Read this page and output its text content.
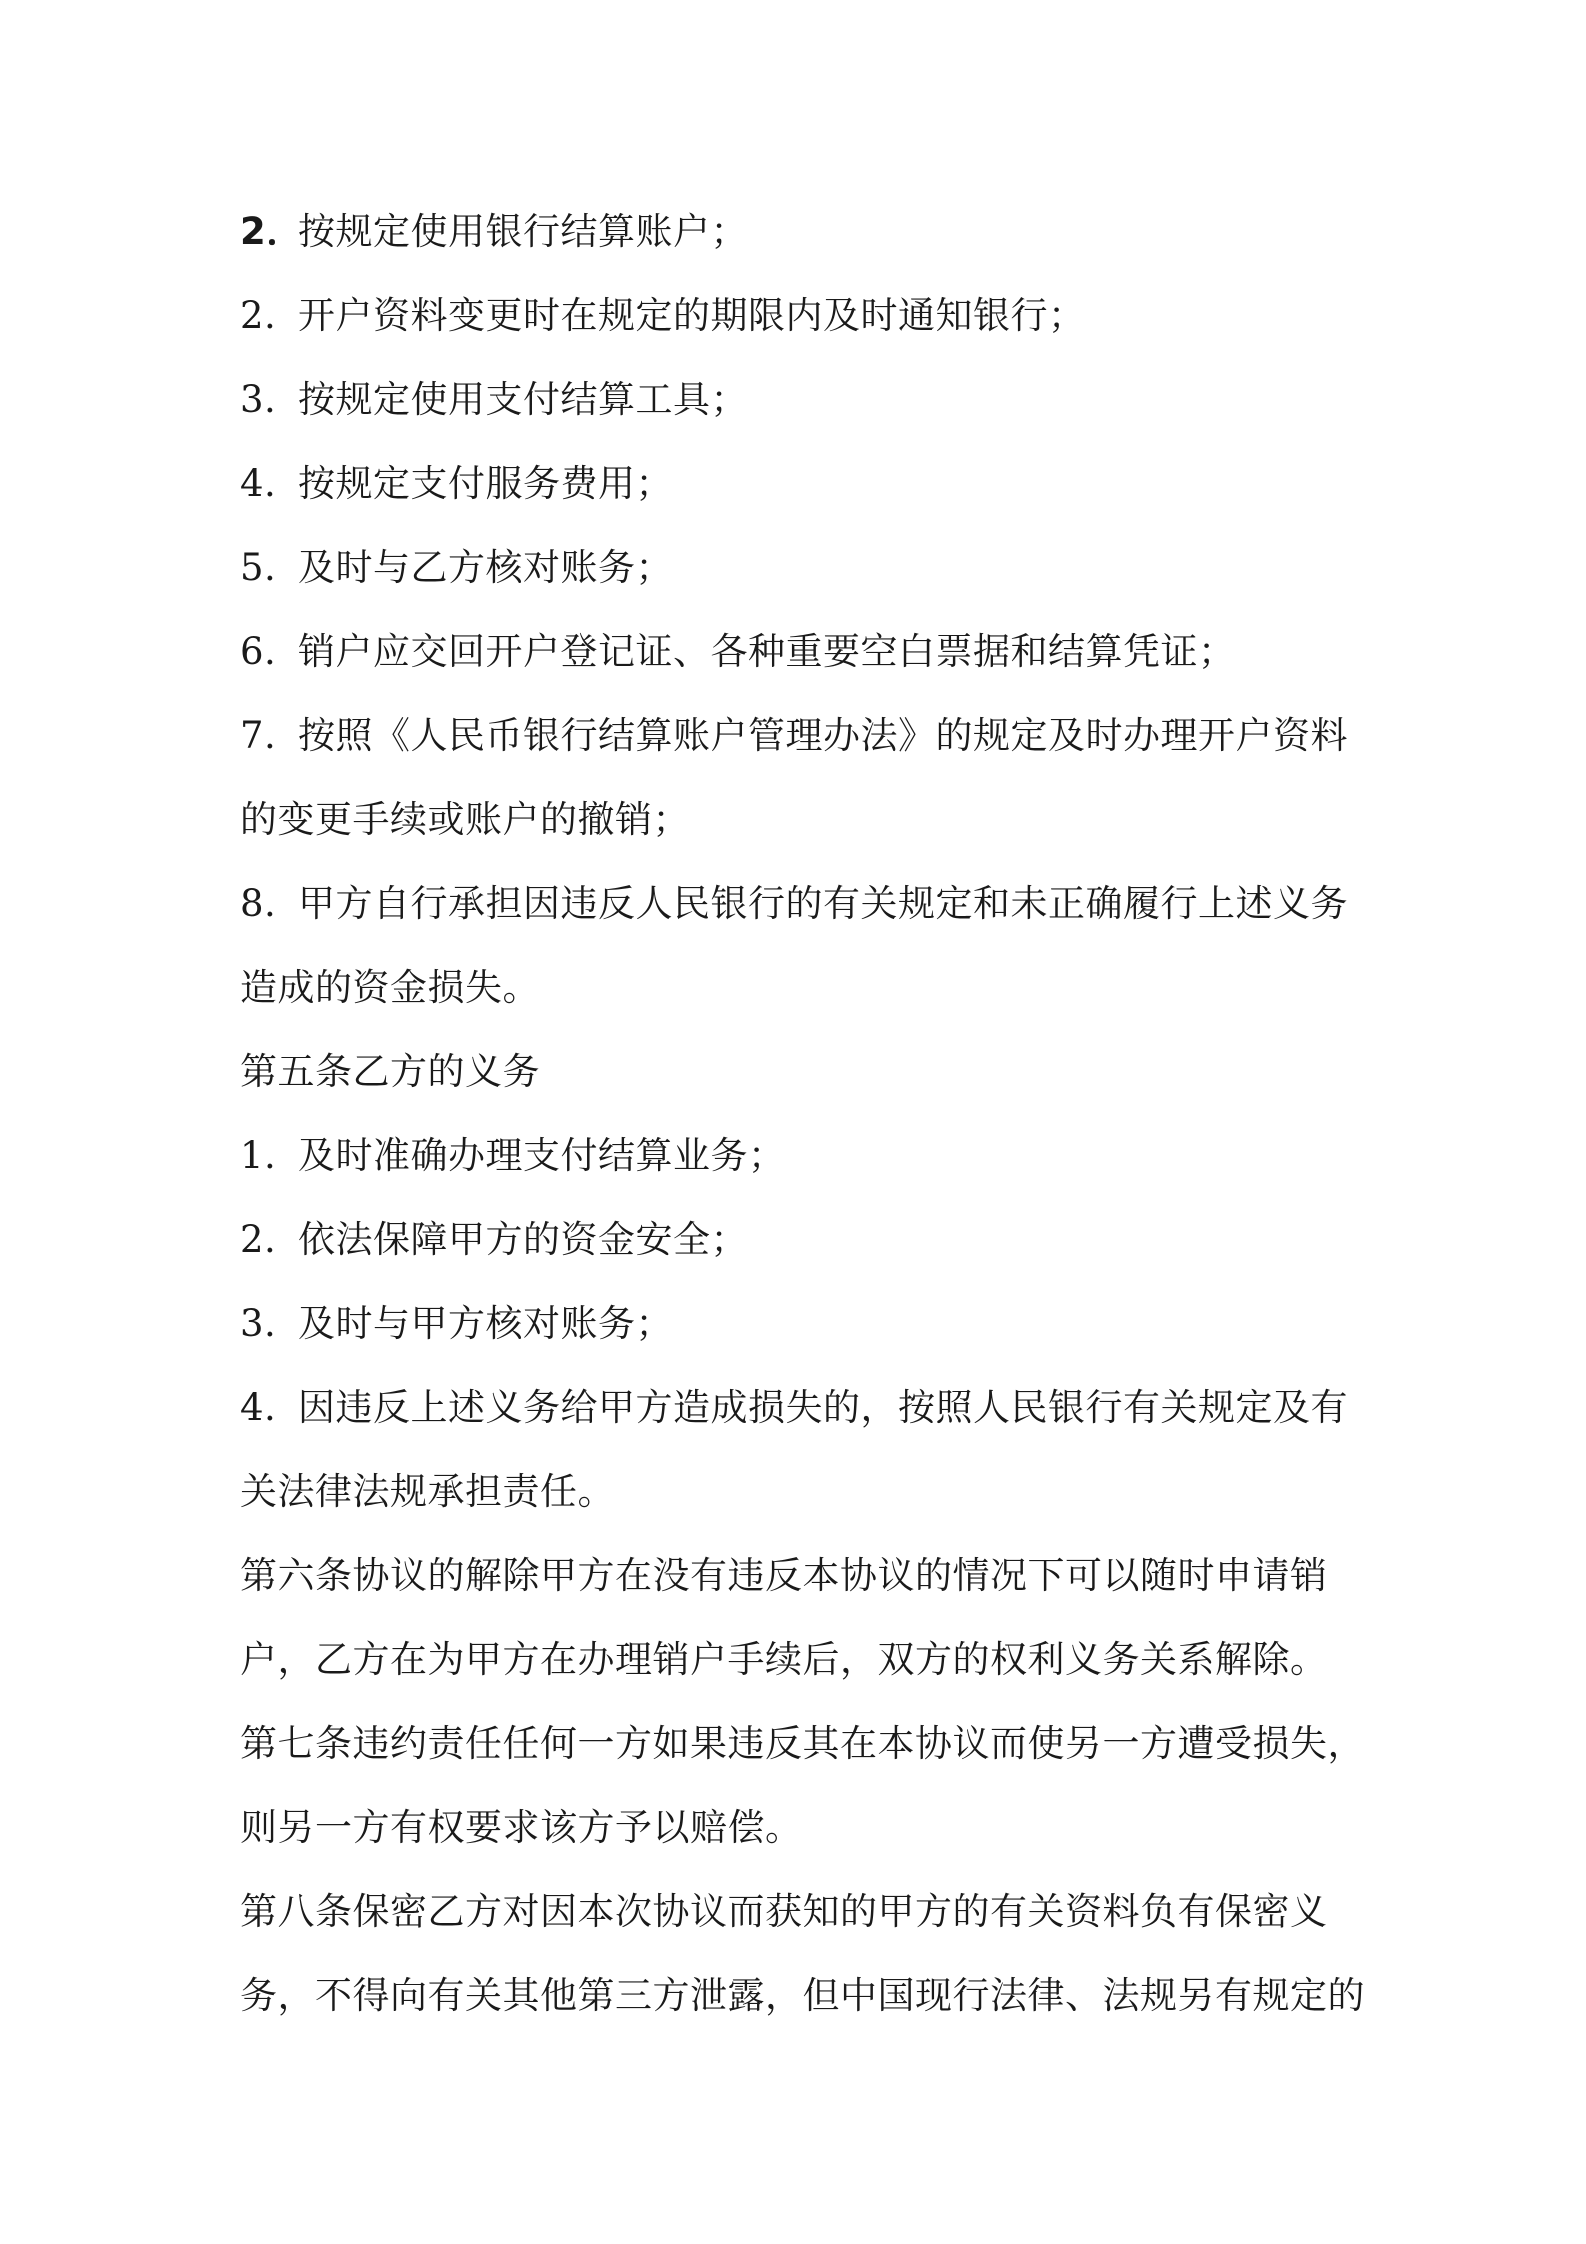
2．按规定使用银行结算账户；
2. 开户资料变更时在规定的期限内及时通知银行；
3. 按规定使用支付结算工具；
4. 按规定支付服务费用；
5. 及时与乙方核对账务；
6. 销户应交回开户登记证、各种重要空白票据和结算凭证；
7. 按照《人民币银行结算账户管理办法》的规定及时办理开户资料
的变更手续或账户的撤销；
8. 甲方自行承担因违反人民银行的有关规定和未正确履行上述义务
造成的资金损失。
第五条乙方的义务
1. 及时准确办理支付结算业务；
2. 依法保障甲方的资金安全；
3. 及时与甲方核对账务；
4. 因违反上述义务给甲方造成损失的，按照人民银行有关规定及有
关法律法规承担责任。
第六条协议的解除甲方在没有违反本协议的情况下可以随时申请销
户，乙方在为甲方在办理销户手续后，双方的权利义务关系解除。
第七条违约责任任何一方如果违反其在本协议而使另一方遭受损失，
则另一方有权要求该方予以赔偿。
第八条保密乙方对因本次协议而获知的甲方的有关资料负有保密义
务，不得向有关其他第三方泄露，但中国现行法律、法规另有规定的
